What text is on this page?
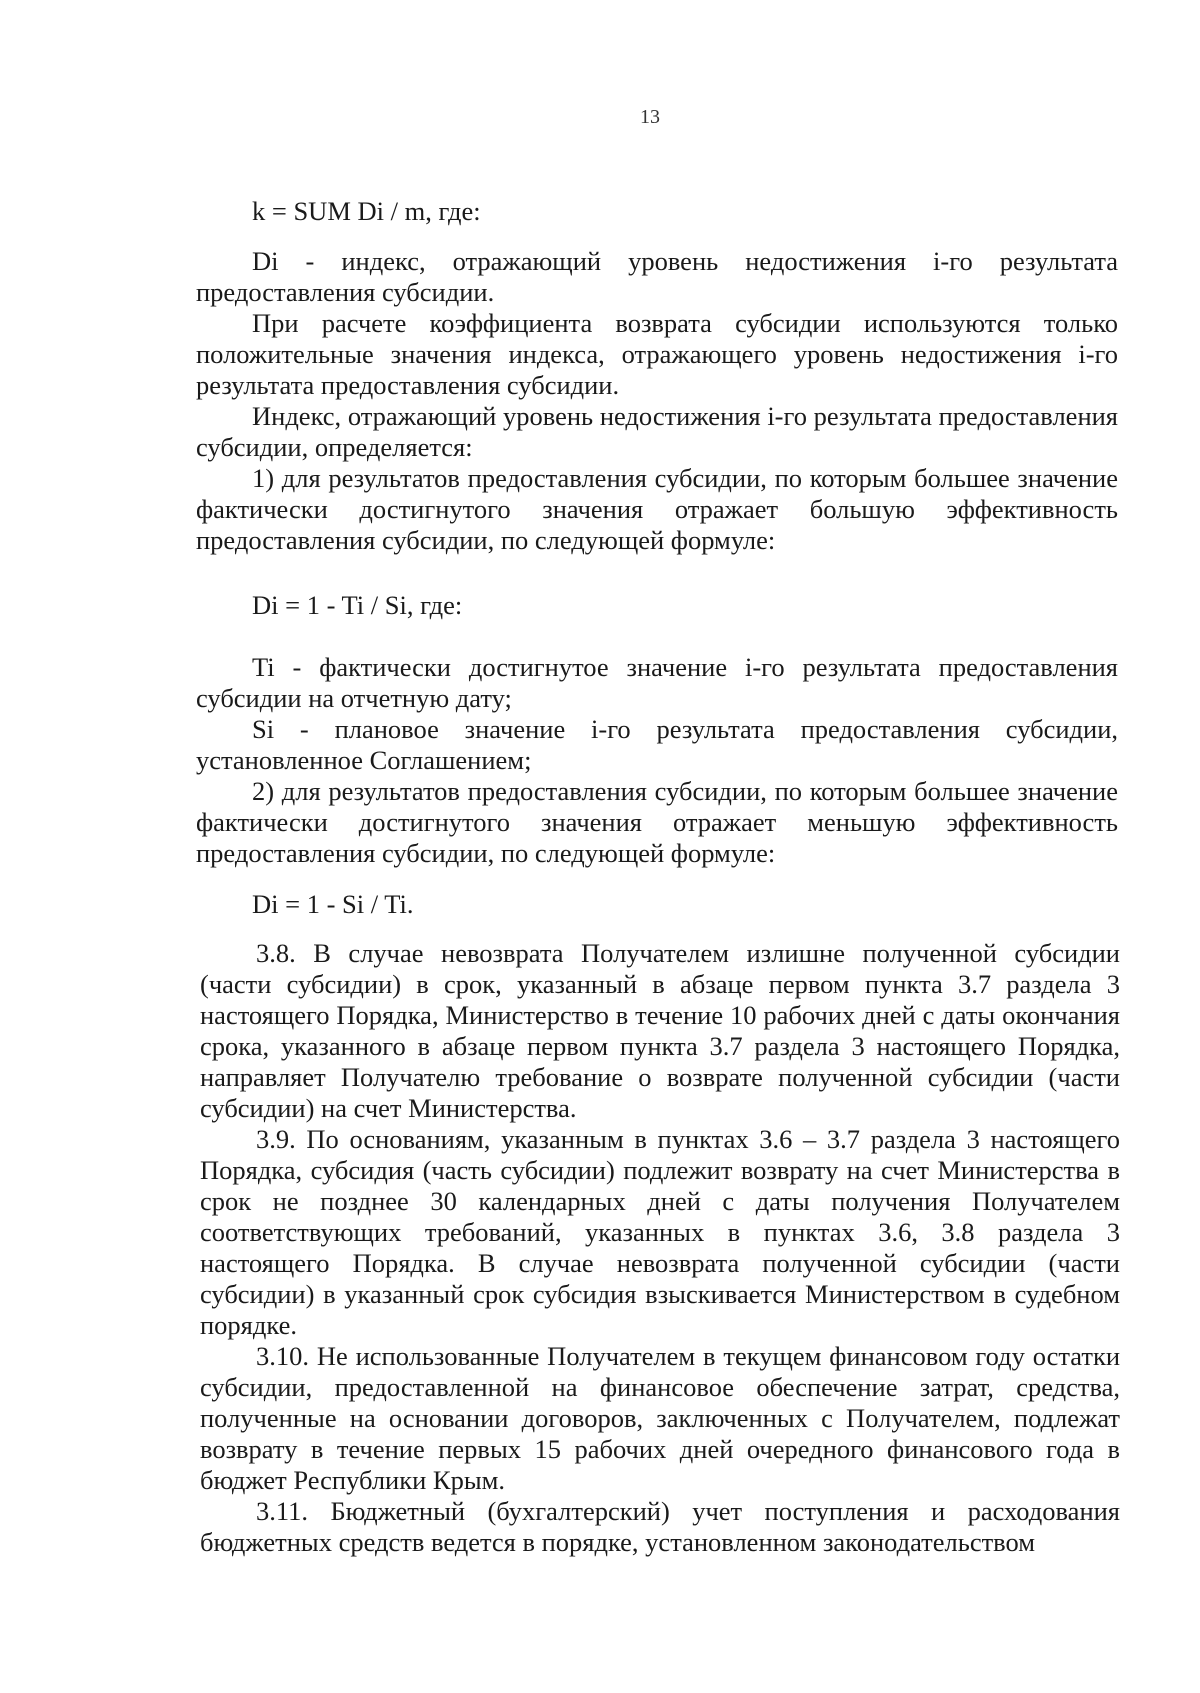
13
k = SUM Di / m, где:

Di - индекс, отражающий уровень недостижения i-го результата предоставления субсидии.

При расчете коэффициента возврата субсидии используются только положительные значения индекса, отражающего уровень недостижения i-го результата предоставления субсидии.

Индекс, отражающий уровень недостижения i-го результата предоставления субсидии, определяется:

1) для результатов предоставления субсидии, по которым большее значение фактически достигнутого значения отражает большую эффективность предоставления субсидии, по следующей формуле:

Di = 1 - Ti / Si, где:

Ti - фактически достигнутое значение i-го результата предоставления субсидии на отчетную дату;

Si - плановое значение i-го результата предоставления субсидии, установленное Соглашением;

2) для результатов предоставления субсидии, по которым большее значение фактически достигнутого значения отражает меньшую эффективность предоставления субсидии, по следующей формуле:

Di = 1 - Si / Ti.

3.8. В случае невозврата Получателем излишне полученной субсидии (части субсидии) в срок, указанный в абзаце первом пункта 3.7 раздела 3 настоящего Порядка, Министерство в течение 10 рабочих дней с даты окончания срока, указанного в абзаце первом пункта 3.7 раздела 3 настоящего Порядка, направляет Получателю требование о возврате полученной субсидии (части субсидии) на счет Министерства.

3.9. По основаниям, указанным в пунктах 3.6 – 3.7 раздела 3 настоящего Порядка, субсидия (часть субсидии) подлежит возврату на счет Министерства в срок не позднее 30 календарных дней с даты получения Получателем соответствующих требований, указанных в пунктах 3.6, 3.8 раздела 3 настоящего Порядка. В случае невозврата полученной субсидии (части субсидии) в указанный срок субсидия взыскивается Министерством в судебном порядке.

3.10. Не использованные Получателем в текущем финансовом году остатки субсидии, предоставленной на финансовое обеспечение затрат, средства, полученные на основании договоров, заключенных с Получателем, подлежат возврату в течение первых 15 рабочих дней очередного финансового года в бюджет Республики Крым.

3.11. Бюджетный (бухгалтерский) учет поступления и расходования бюджетных средств ведется в порядке, установленном законодательством
